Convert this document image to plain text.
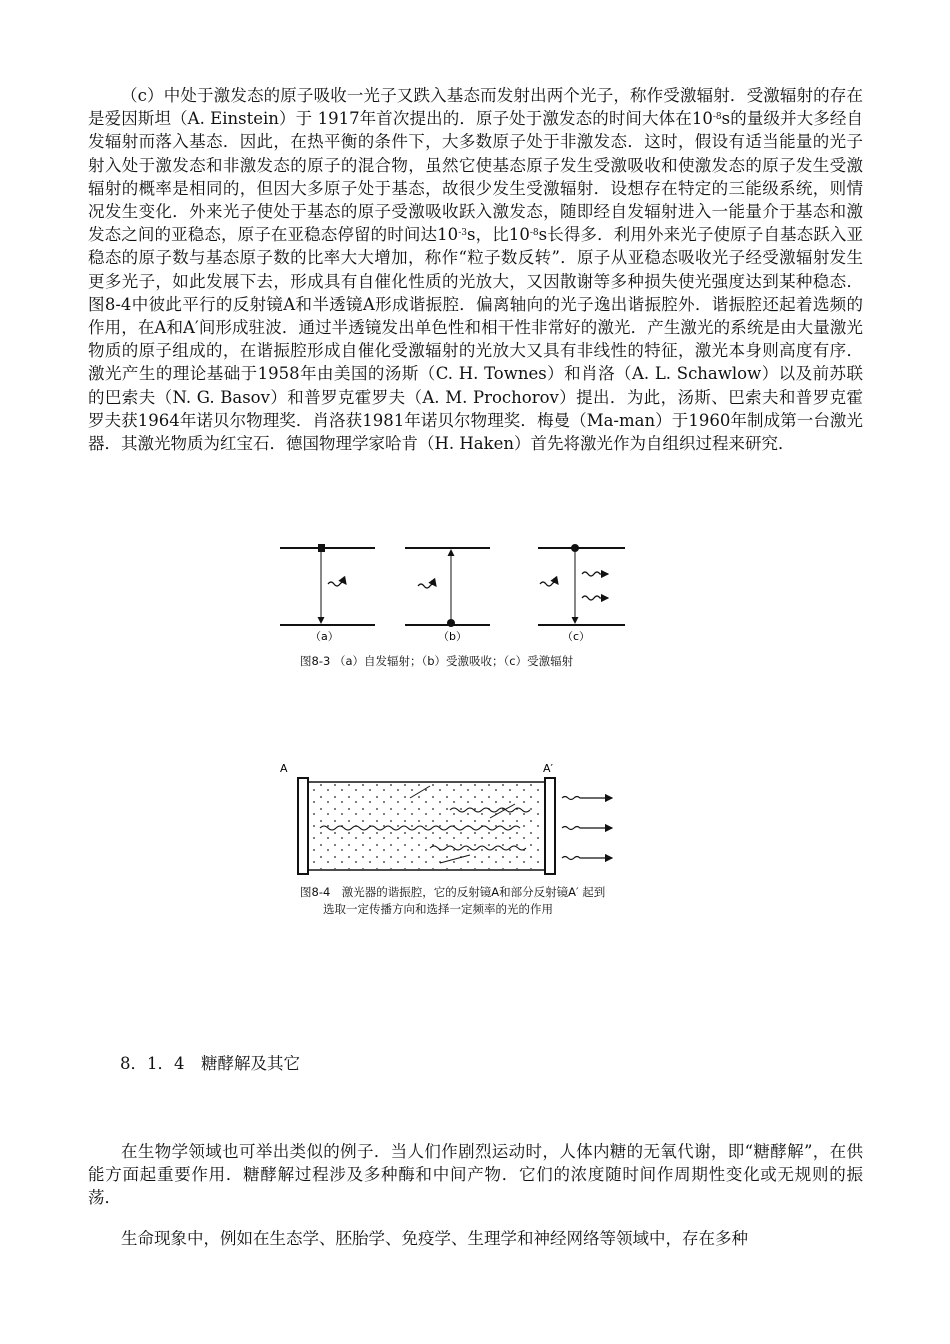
（c）中处于激发态的原子吸收一光子又跌入基态而发射出两个光子，称作受激辐射．受激辐射的存在是爱因斯坦（A. Einstein）于 1917年首次提出的．原子处于激发态的时间大体在$10^{-8}s$的量级并大多经自发辐射而落入基态．因此，在热平衡的条件下，大多数原子处于非激发态．这时，假设有适当能量的光子射入处于激发态和非激发态的原子的混合物，虽然它使基态原子发生受激吸收和使激发态的原子发生受激辐射的概率是相同的，但因大多原子处于基态，故很少发生受激辐射．设想存在特定的三能级系统，则情况发生变化．外来光子使处于基态的原子受激吸收跃入激发态，随即经自发辐射进入一能量介于基态和激发态之间的亚稳态，原子在亚稳态停留的时间达$10^{-3}s$，比$10^{-8}s$长得多．利用外来光子使原子自基态跃入亚稳态的原子数与基态原子数的比率大大增加，称作“粒子数反转”．原子从亚稳态吸收光子经受激辐射发生更多光子，如此发展下去，形成具有自催化性质的光放大，又因散谢等多种损失使光强度达到某种稳态．图8-4中彼此平行的反射镜A和半透镜A形成谐振腔．偏离轴向的光子逸出谐振腔外．谐振腔还起着选频的作用，在A和A′间形成驻波．通过半透镜发出单色性和相干性非常好的激光．产生激光的系统是由大量激光物质的原子组成的，在谐振腔形成自催化受激辐射的光放大又具有非线性的特征，激光本身则高度有序．激光产生的理论基础于1958年由美国的汤斯（C. H. Townes）和肖洛（A. L. Schawlow）以及前苏联的巴索夫（N. G. Basov）和普罗克霍罗夫（A. M. Prochorov）提出．为此，汤斯、巴索夫和普罗克霍罗夫获1964年诺贝尔物理奖．肖洛获1981年诺贝尔物理奖．梅曼（Ma-man）于1960年制成第一台激光器．其激光物质为红宝石．德国物理学家哈肯（H. Haken）首先将激光作为自组织过程来研究．

（a）	（b）	（c）
图8-3 （a）自发辐射；（b）受激吸收；（c）受激辐射
A	A′
图8-4　激光器的谐振腔，它的反射镜A和部分反射镜A′ 起到
选取一定传播方向和选择一定频率的光的作用
8．1．4　糖酵解及其它

在生物学领域也可举出类似的例子．当人们作剧烈运动时，人体内糖的无氧代谢，即“糖酵解”，在供能方面起重要作用．糖酵解过程涉及多种酶和中间产物．它们的浓度随时间作周期性变化或无规则的振荡．

生命现象中，例如在生态学、胚胎学、免疫学、生理学和神经网络等领域中，存在多种
